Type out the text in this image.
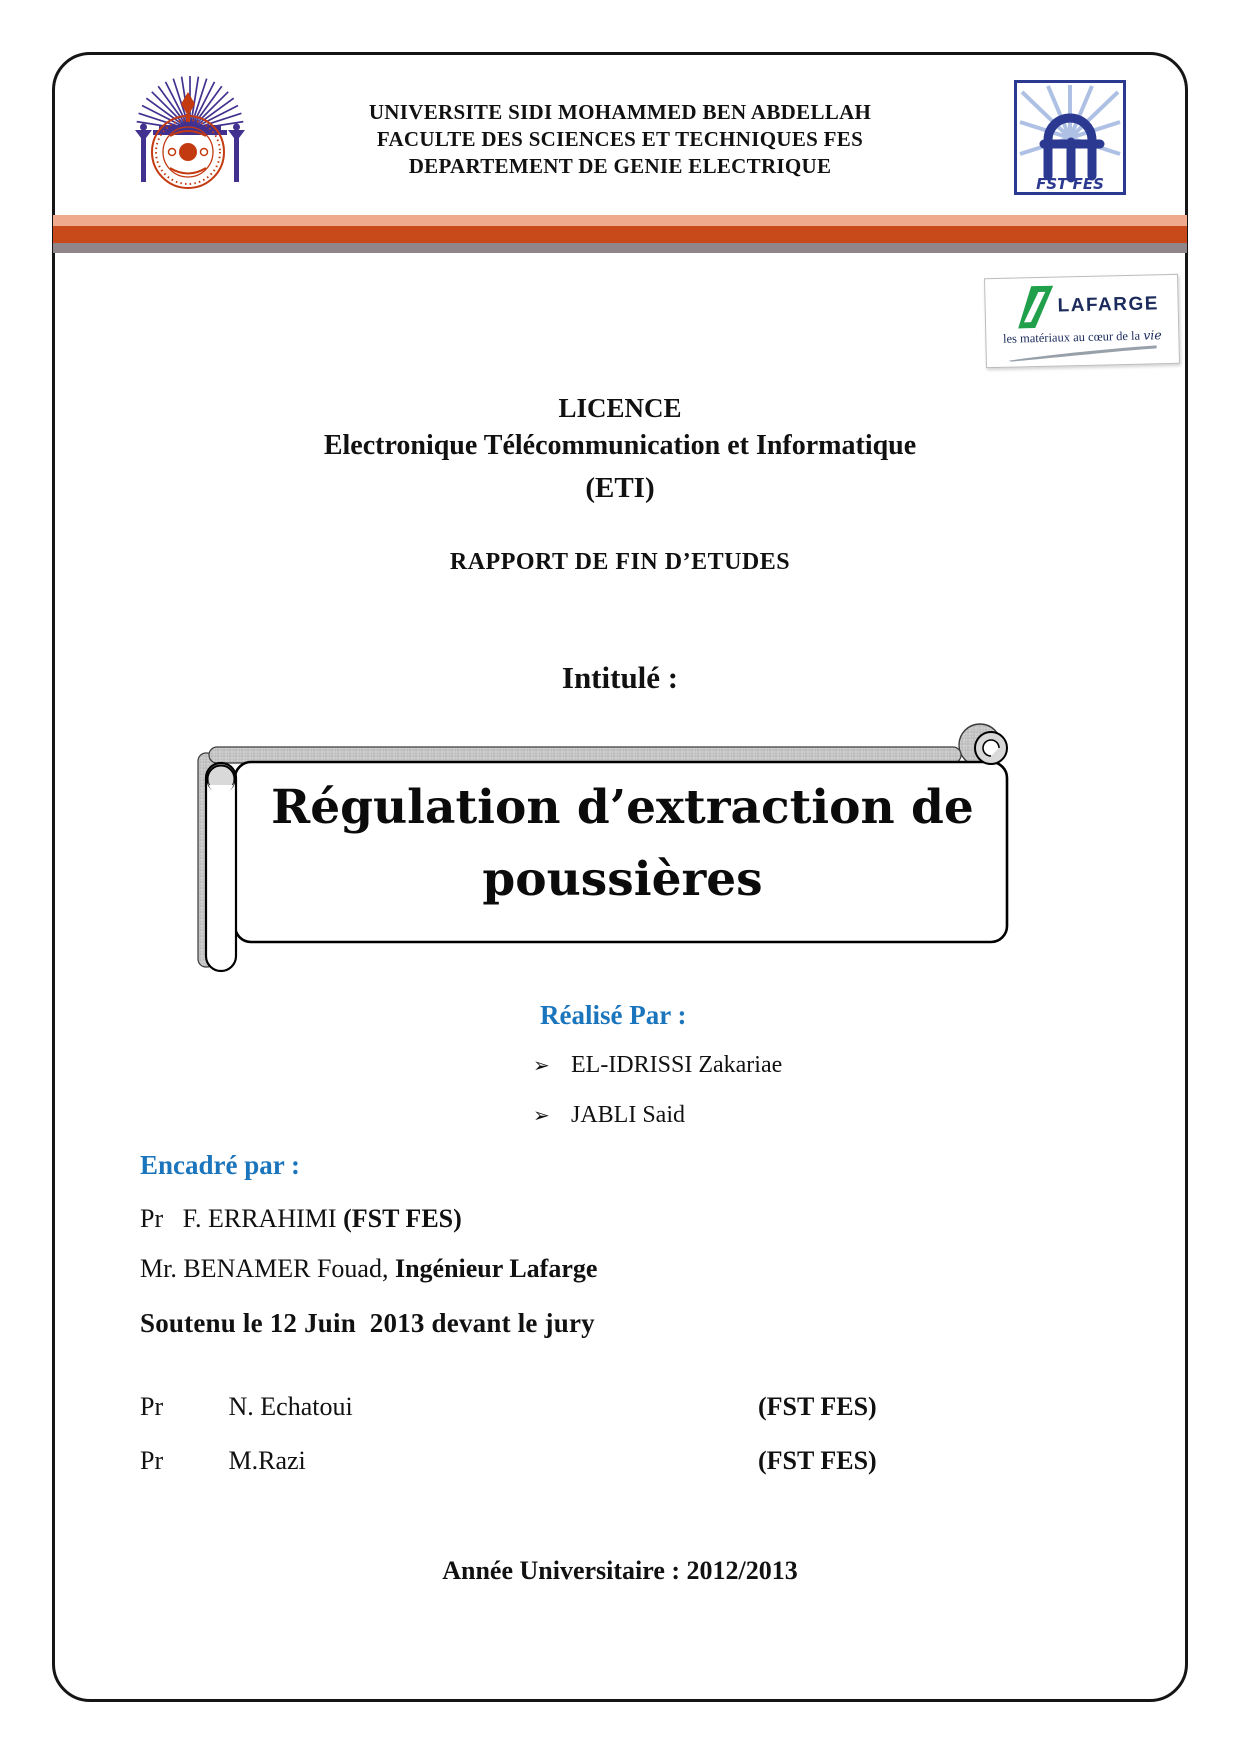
UNIVERSITE SIDI MOHAMMED BEN ABDELLAH
FACULTE DES SCIENCES ET TECHNIQUES FES
DEPARTEMENT DE GENIE ELECTRIQUE
FST FES
LAFARGE
les matériaux au cœur de la vie
LICENCE
Electronique Télécommunication et Informatique
(ETI)
RAPPORT DE FIN D’ETUDES
Intitulé :
Régulation d’extraction de
poussières
Réalisé Par :
➢ EL-IDRISSI Zakariae
➢ JABLI Said
Encadré par :
Pr   F. ERRAHIMI (FST FES)
Mr. BENAMER Fouad, Ingénieur Lafarge
Soutenu le 12 Juin  2013 devant le jury
Pr	N. Echatoui	(FST FES)
Pr	M.Razi	(FST FES)
Année Universitaire : 2012/2013
